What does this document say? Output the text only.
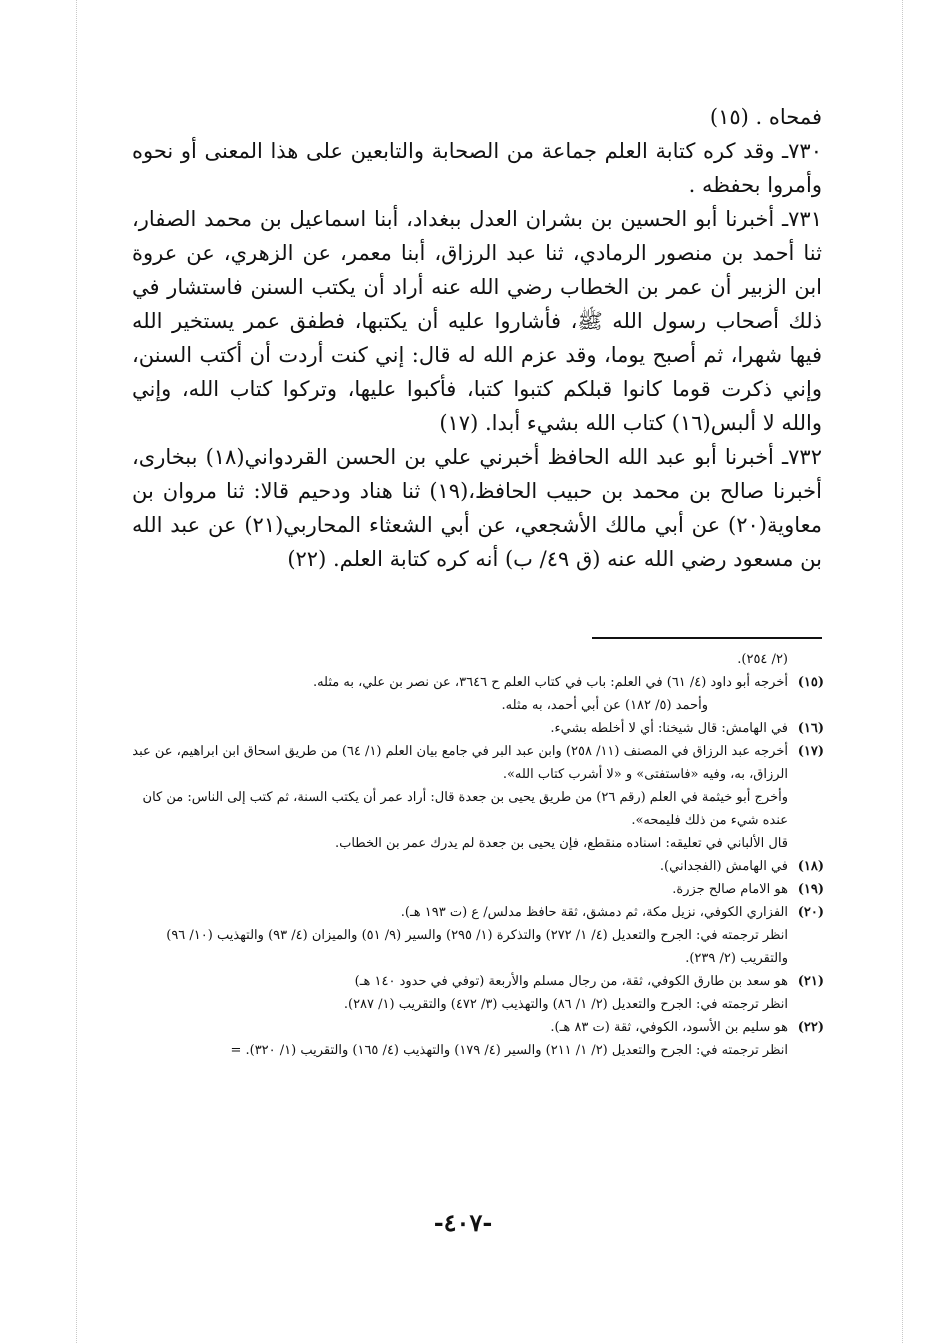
فمحاه . (١٥)

٧٣٠ـ وقد كره كتابة العلم جماعة من الصحابة والتابعين على هذا المعنى أو نحوه وأمروا بحفظه .

٧٣١ـ أخبرنا أبو الحسين بن بشران العدل ببغداد، أبنا اسماعيل بن محمد الصفار، ثنا أحمد بن منصور الرمادي، ثنا عبد الرزاق، أبنا معمر، عن الزهري، عن عروة ابن الزبير أن عمر بن الخطاب رضي الله عنه أراد أن يكتب السنن فاستشار في ذلك أصحاب رسول الله ﷺ، فأشاروا عليه أن يكتبها، فطفق عمر يستخير الله فيها شهرا، ثم أصبح يوما، وقد عزم الله له قال: إني كنت أردت أن أكتب السنن، وإني ذكرت قوما كانوا قبلكم كتبوا كتبا، فأكبوا عليها، وتركوا كتاب الله، وإني والله لا ألبس(١٦) كتاب الله بشيء أبدا. (١٧)

٧٣٢ـ أخبرنا أبو عبد الله الحافظ أخبرني علي بن الحسن القردواني(١٨) ببخارى، أخبرنا صالح بن محمد بن حبيب الحافظ،(١٩) ثنا هناد ودحيم قالا: ثنا مروان بن معاوية(٢٠) عن أبي مالك الأشجعي، عن أبي الشعثاء المحاربي(٢١) عن عبد الله بن مسعود رضي الله عنه (ق ٤٩/ ب) أنه كره كتابة العلم. (٢٢)

(٢/ ٢٥٤).
(١٥)
أخرجه أبو داود (٤/ ٦١) في العلم: باب في كتاب العلم ح ٣٦٤٦، عن نصر بن علي، به مثله.
وأحمد (٥/ ١٨٢) عن أبي أحمد، به مثله.
(١٦)
في الهامش: قال شيخنا: أي لا أخلطه بشيء.
(١٧)
أخرجه عبد الرزاق في المصنف (١١/ ٢٥٨) وابن عبد البر في جامع بيان العلم (١/ ٦٤) من طريق اسحاق ابن ابراهيم، عن عبد الرزاق، به، وفيه «فاستفتى» و «لا أشرب كتاب الله».
وأخرج أبو خيثمة في العلم (رقم ٢٦) من طريق يحيى بن جعدة قال: أراد عمر أن يكتب السنة، ثم كتب إلى الناس: من كان عنده شيء من ذلك فليمحه».
قال الألباني في تعليقه: اسناده منقطع، فإن يحيى بن جعدة لم يدرك عمر بن الخطاب.
(١٨)
في الهامش (الفجداني).
(١٩)
هو الامام صالح جزرة.
(٢٠)
الفزاري الكوفي، نزيل مكة، ثم دمشق، ثقة حافظ مدلس/ ع (ت ١٩٣ هـ).
انظر ترجمته في: الجرح والتعديل (٤/ ١/ ٢٧٢) والتذكرة (١/ ٢٩٥) والسير (٩/ ٥١) والميزان (٤/ ٩٣) والتهذيب (١٠/ ٩٦) والتقريب (٢/ ٢٣٩).
(٢١)
هو سعد بن طارق الكوفي، ثقة، من رجال مسلم والأربعة (توفي في حدود ١٤٠ هـ)
انظر ترجمته في: الجرح والتعديل (٢/ ١/ ٨٦) والتهذيب (٣/ ٤٧٢) والتقريب (١/ ٢٨٧).
(٢٢)
هو سليم بن الأسود، الكوفي، ثقة (ت ٨٣ هـ).
انظر ترجمته في: الجرح والتعديل (٢/ ١/ ٢١١) والسير (٤/ ١٧٩) والتهذيب (٤/ ١٦٥) والتقريب (١/ ٣٢٠). =
-٤٠٧-
